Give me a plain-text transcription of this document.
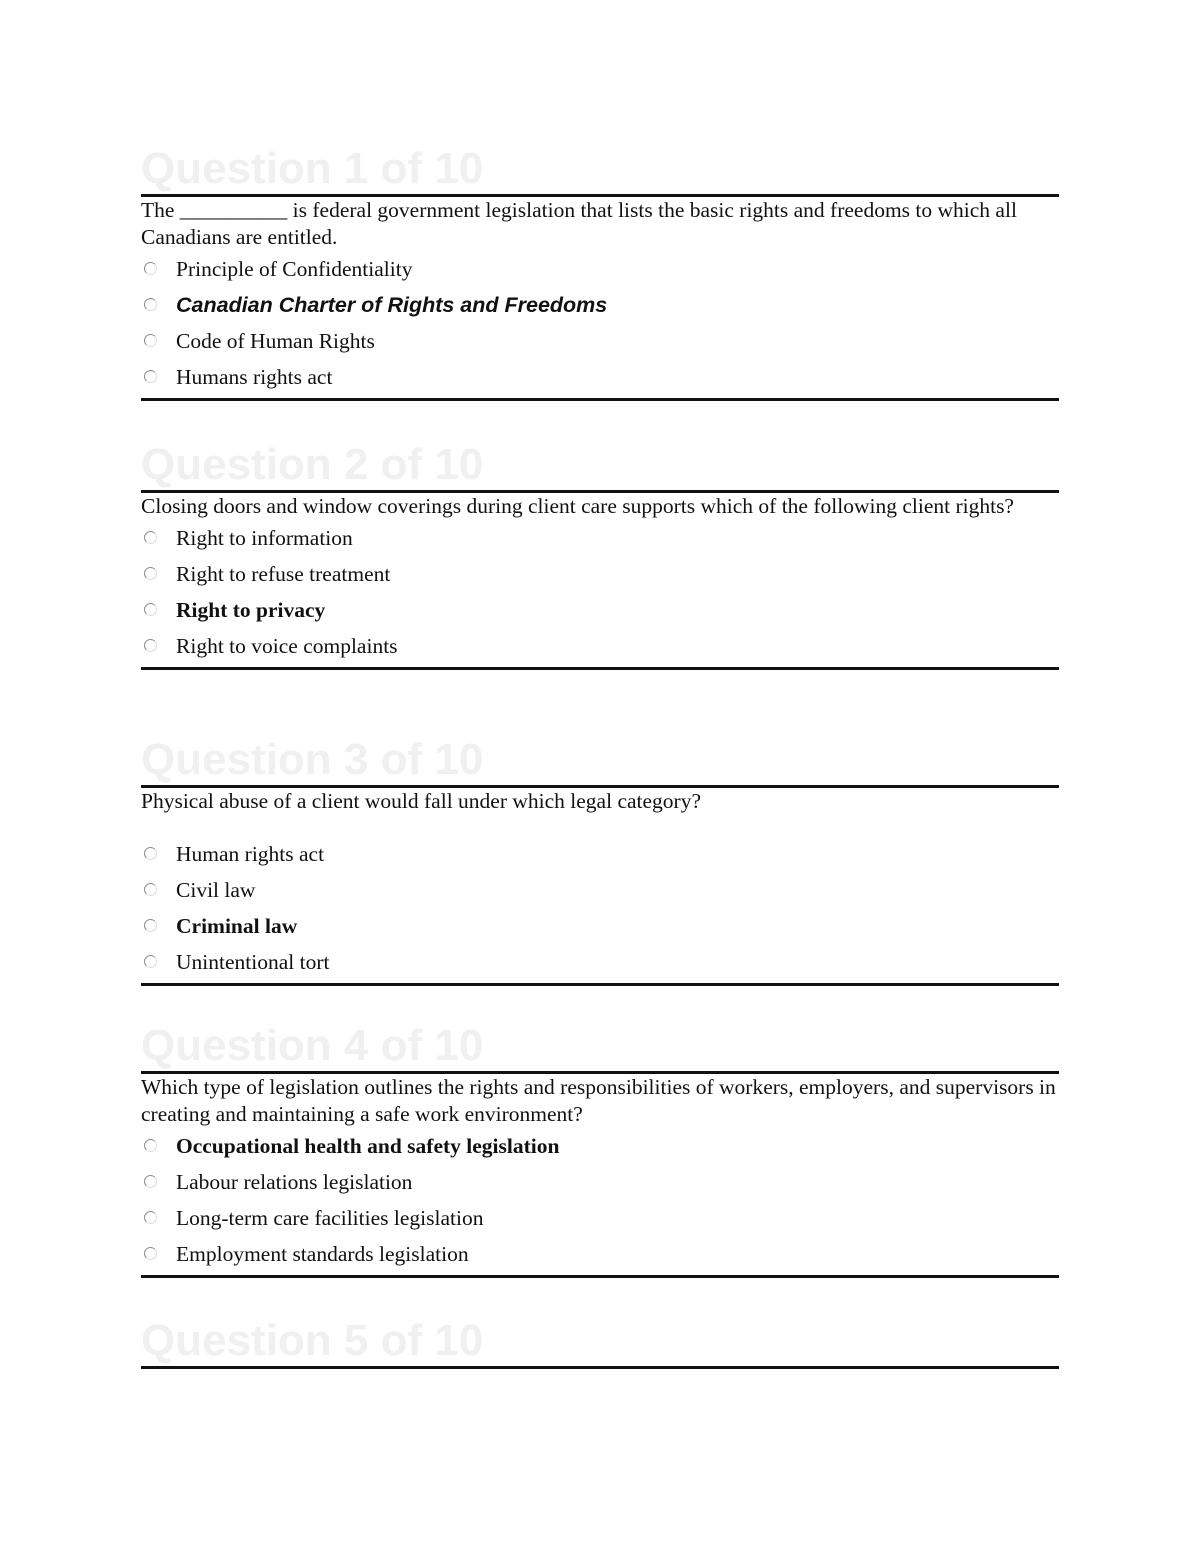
Question 1 of 10
The __________ is federal government legislation that lists the basic rights and freedoms to which all Canadians are entitled.
Principle of Confidentiality
Canadian Charter of Rights and Freedoms
Code of Human Rights
Humans rights act
Question 2 of 10
Closing doors and window coverings during client care supports which of the following client rights?
Right to information
Right to refuse treatment
Right to privacy
Right to voice complaints
Question 3 of 10
Physical abuse of a client would fall under which legal category?
Human rights act
Civil law
Criminal law
Unintentional tort
Question 4 of 10
Which type of legislation outlines the rights and responsibilities of workers, employers, and supervisors in creating and maintaining a safe work environment?
Occupational health and safety legislation
Labour relations legislation
Long-term care facilities legislation
Employment standards legislation
Question 5 of 10
